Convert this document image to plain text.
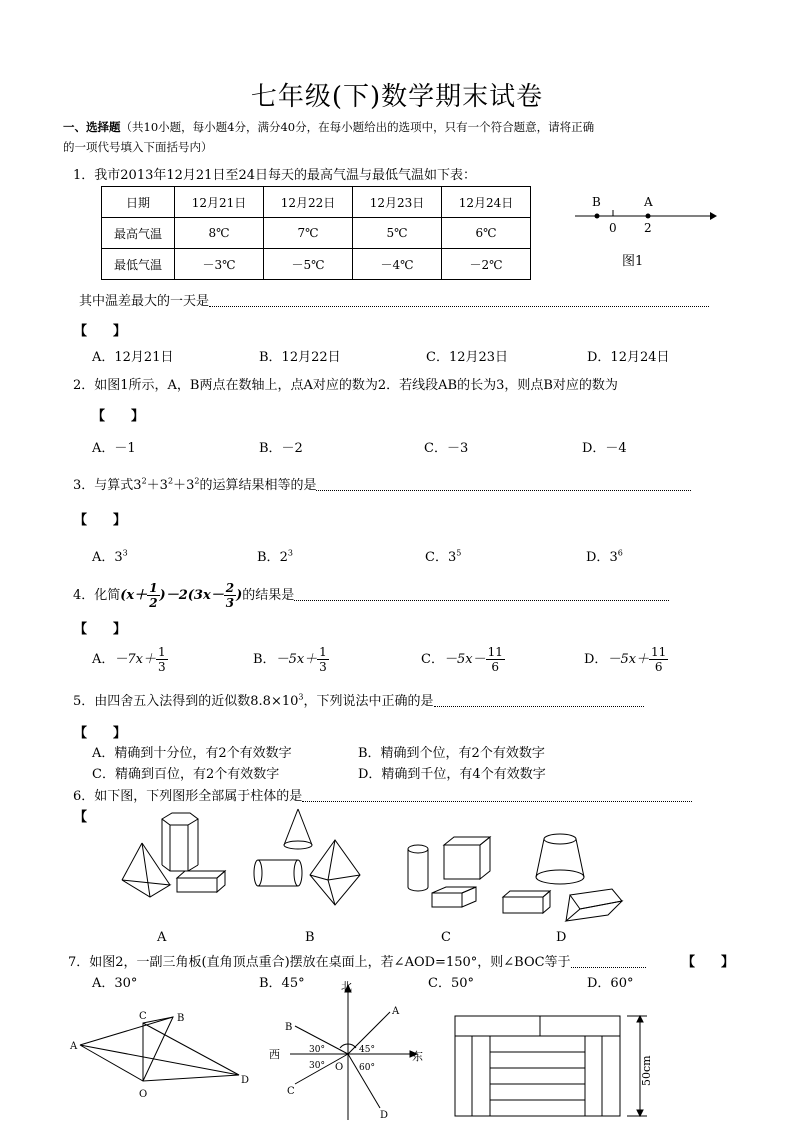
七年级(下)数学期末试卷
一、选择题（共10小题，每小题4分，满分40分，在每小题给出的选项中，只有一个符合题意，请将正确
的一项代号填入下面括号内）
1．我市2013年12月21日至24日每天的最高气温与最低气温如下表：
日期	12月21日	12月22日	12月23日	12月24日
最高气温	8℃	7℃	5℃	6℃
最低气温	－3℃	－5℃	－4℃	－2℃
B	A
0 2
图1
其中温差最大的一天是
【　　】
A．12月21日	B．12月22日	C．12月23日	D．12月24日
2．如图1所示，A，B两点在数轴上，点A对应的数为2．若线段AB的长为3，则点B对应的数为
【　　】
A．－1	B．－2	C．－3	D．－4
3．与算式$3^2+3^2+3^2$的运算结果相等的是
【　　】
A．$3^3$	B．$2^3$	C．$3^5$	D．$3^6$
4．化简$(x+ \frac{1}{2} )-2(3x- \frac{2}{3}$ )的结果是
【　　】
A．$-7x+ \frac{1}{3}$	B．$-5x+ \frac{1}{3}$	C．$-5x- \frac{11}{6}$	D．$-5x+ \frac{11}{6}$
5．由四舍五入法得到的近似数$8.8\times 10^3$，下列说法中正确的是
【　　】
A．精确到十分位，有2个有效数字	B．精确到个位，有2个有效数字
C．精确到百位，有2个有效数字	D．精确到千位，有4个有效数字
6．如下图，下列图形全部属于柱体的是
【
A	B	C	D
7．如图2，一副三角板(直角顶点重合)摆放在桌面上，若∠AOD=150°，则∠BOC等于	【　　】
A．30°	B．45°	C．50°	D．60°
A
C	B
O
D
北
东
西
A
B
C
D
O
30°
30°
45°
60°	50cm
